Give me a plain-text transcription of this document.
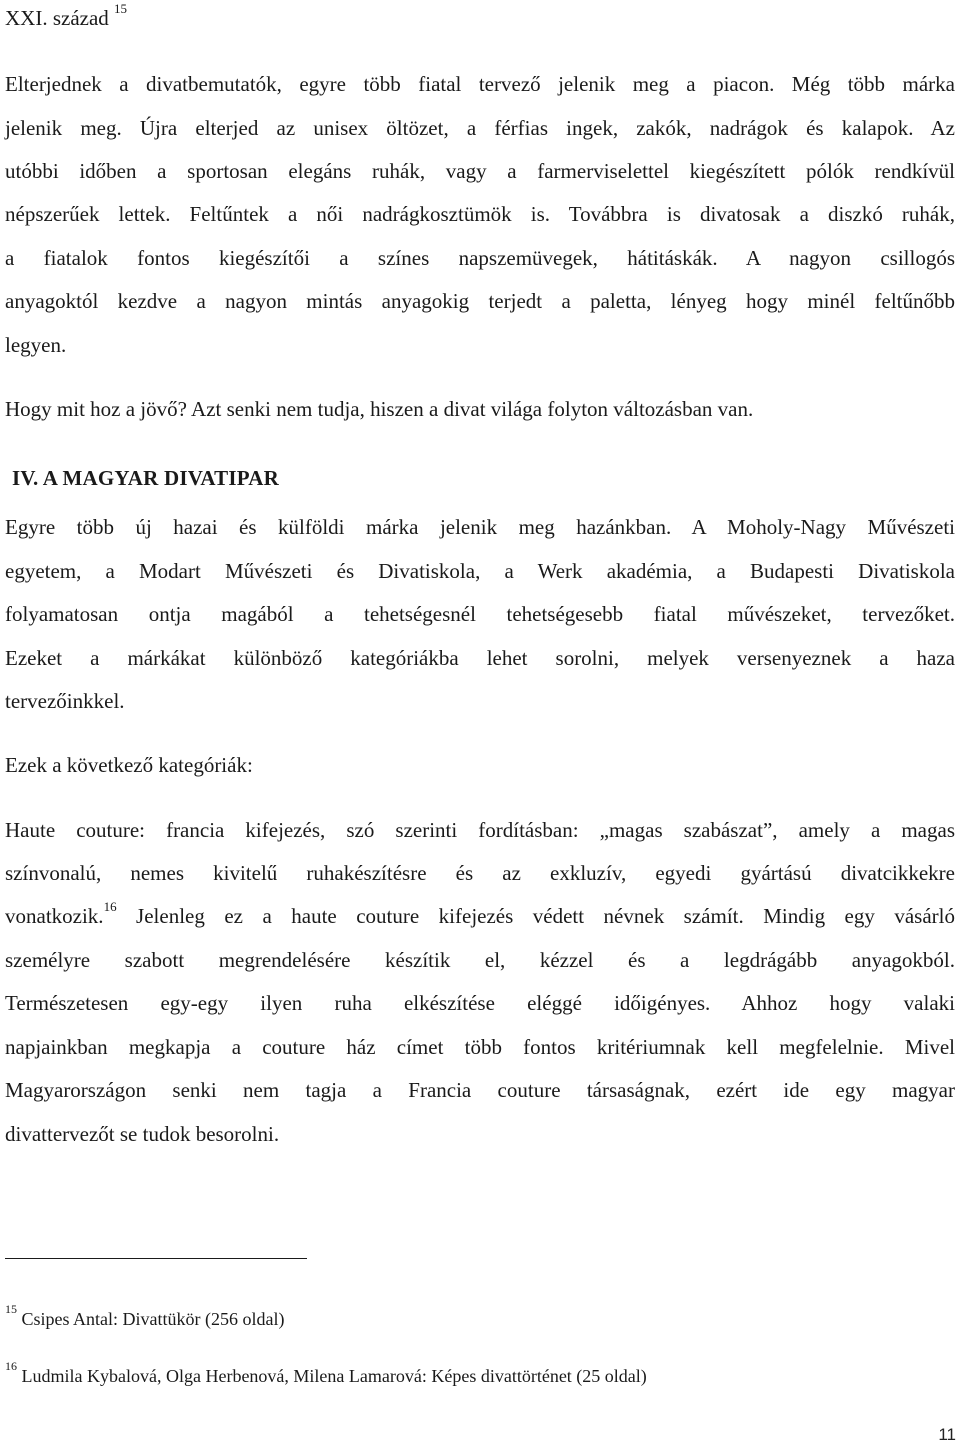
XXI. század $^{15}$
Elterjednek a divatbemutatók, egyre több fiatal tervező jelenik meg a piacon. Még több márka
jelenik meg. Újra elterjed az unisex öltözet, a férfias ingek, zakók, nadrágok és kalapok. Az
utóbbi időben a sportosan elegáns ruhák, vagy a farmerviselettel kiegészített pólók rendkívül
népszerűek lettek. Feltűntek a női nadrágkosztümök is. Továbbra is divatosak a diszkó ruhák,
a fiatalok fontos kiegészítői a színes napszemüvegek, hátitáskák. A nagyon csillogós
anyagoktól kezdve a nagyon mintás anyagokig terjedt a paletta, lényeg hogy minél feltűnőbb
legyen.
Hogy mit hoz a jövő? Azt senki nem tudja, hiszen a divat világa folyton változásban van.
IV. A MAGYAR DIVATIPAR
Egyre több új hazai és külföldi márka jelenik meg hazánkban. A Moholy-Nagy Művészeti
egyetem, a Modart Művészeti és Divatiskola, a Werk akadémia, a Budapesti Divatiskola
folyamatosan ontja magából a tehetségesnél tehetségesebb fiatal művészeket, tervezőket.
Ezeket a márkákat különböző kategóriákba lehet sorolni, melyek versenyeznek a haza
tervezőinkkel.
Ezek a következő kategóriák:
Haute couture: francia kifejezés, szó szerinti fordításban: „magas szabászat”, amely a magas
színvonalú, nemes kivitelű ruhakészítésre és az exkluzív, egyedi gyártású divatcikkekre
vonatkozik.$^{16}$ Jelenleg ez a haute couture kifejezés védett névnek számít. Mindig egy vásárló
személyre szabott megrendelésére készítik el, kézzel és a legdrágább anyagokból.
Természetesen egy-egy ilyen ruha elkészítése eléggé időigényes. Ahhoz hogy valaki
napjainkban megkapja a couture ház címet több fontos kritériumnak kell megfelelnie. Mivel
Magyarországon senki nem tagja a Francia couture társaságnak, ezért ide egy magyar
divattervezőt se tudok besorolni.
$^{15}$ Csipes Antal: Divattükör (256 oldal)
$^{16}$ Ludmila Kybalová, Olga Herbenová, Milena Lamarová: Képes divattörténet (25 oldal)
11
